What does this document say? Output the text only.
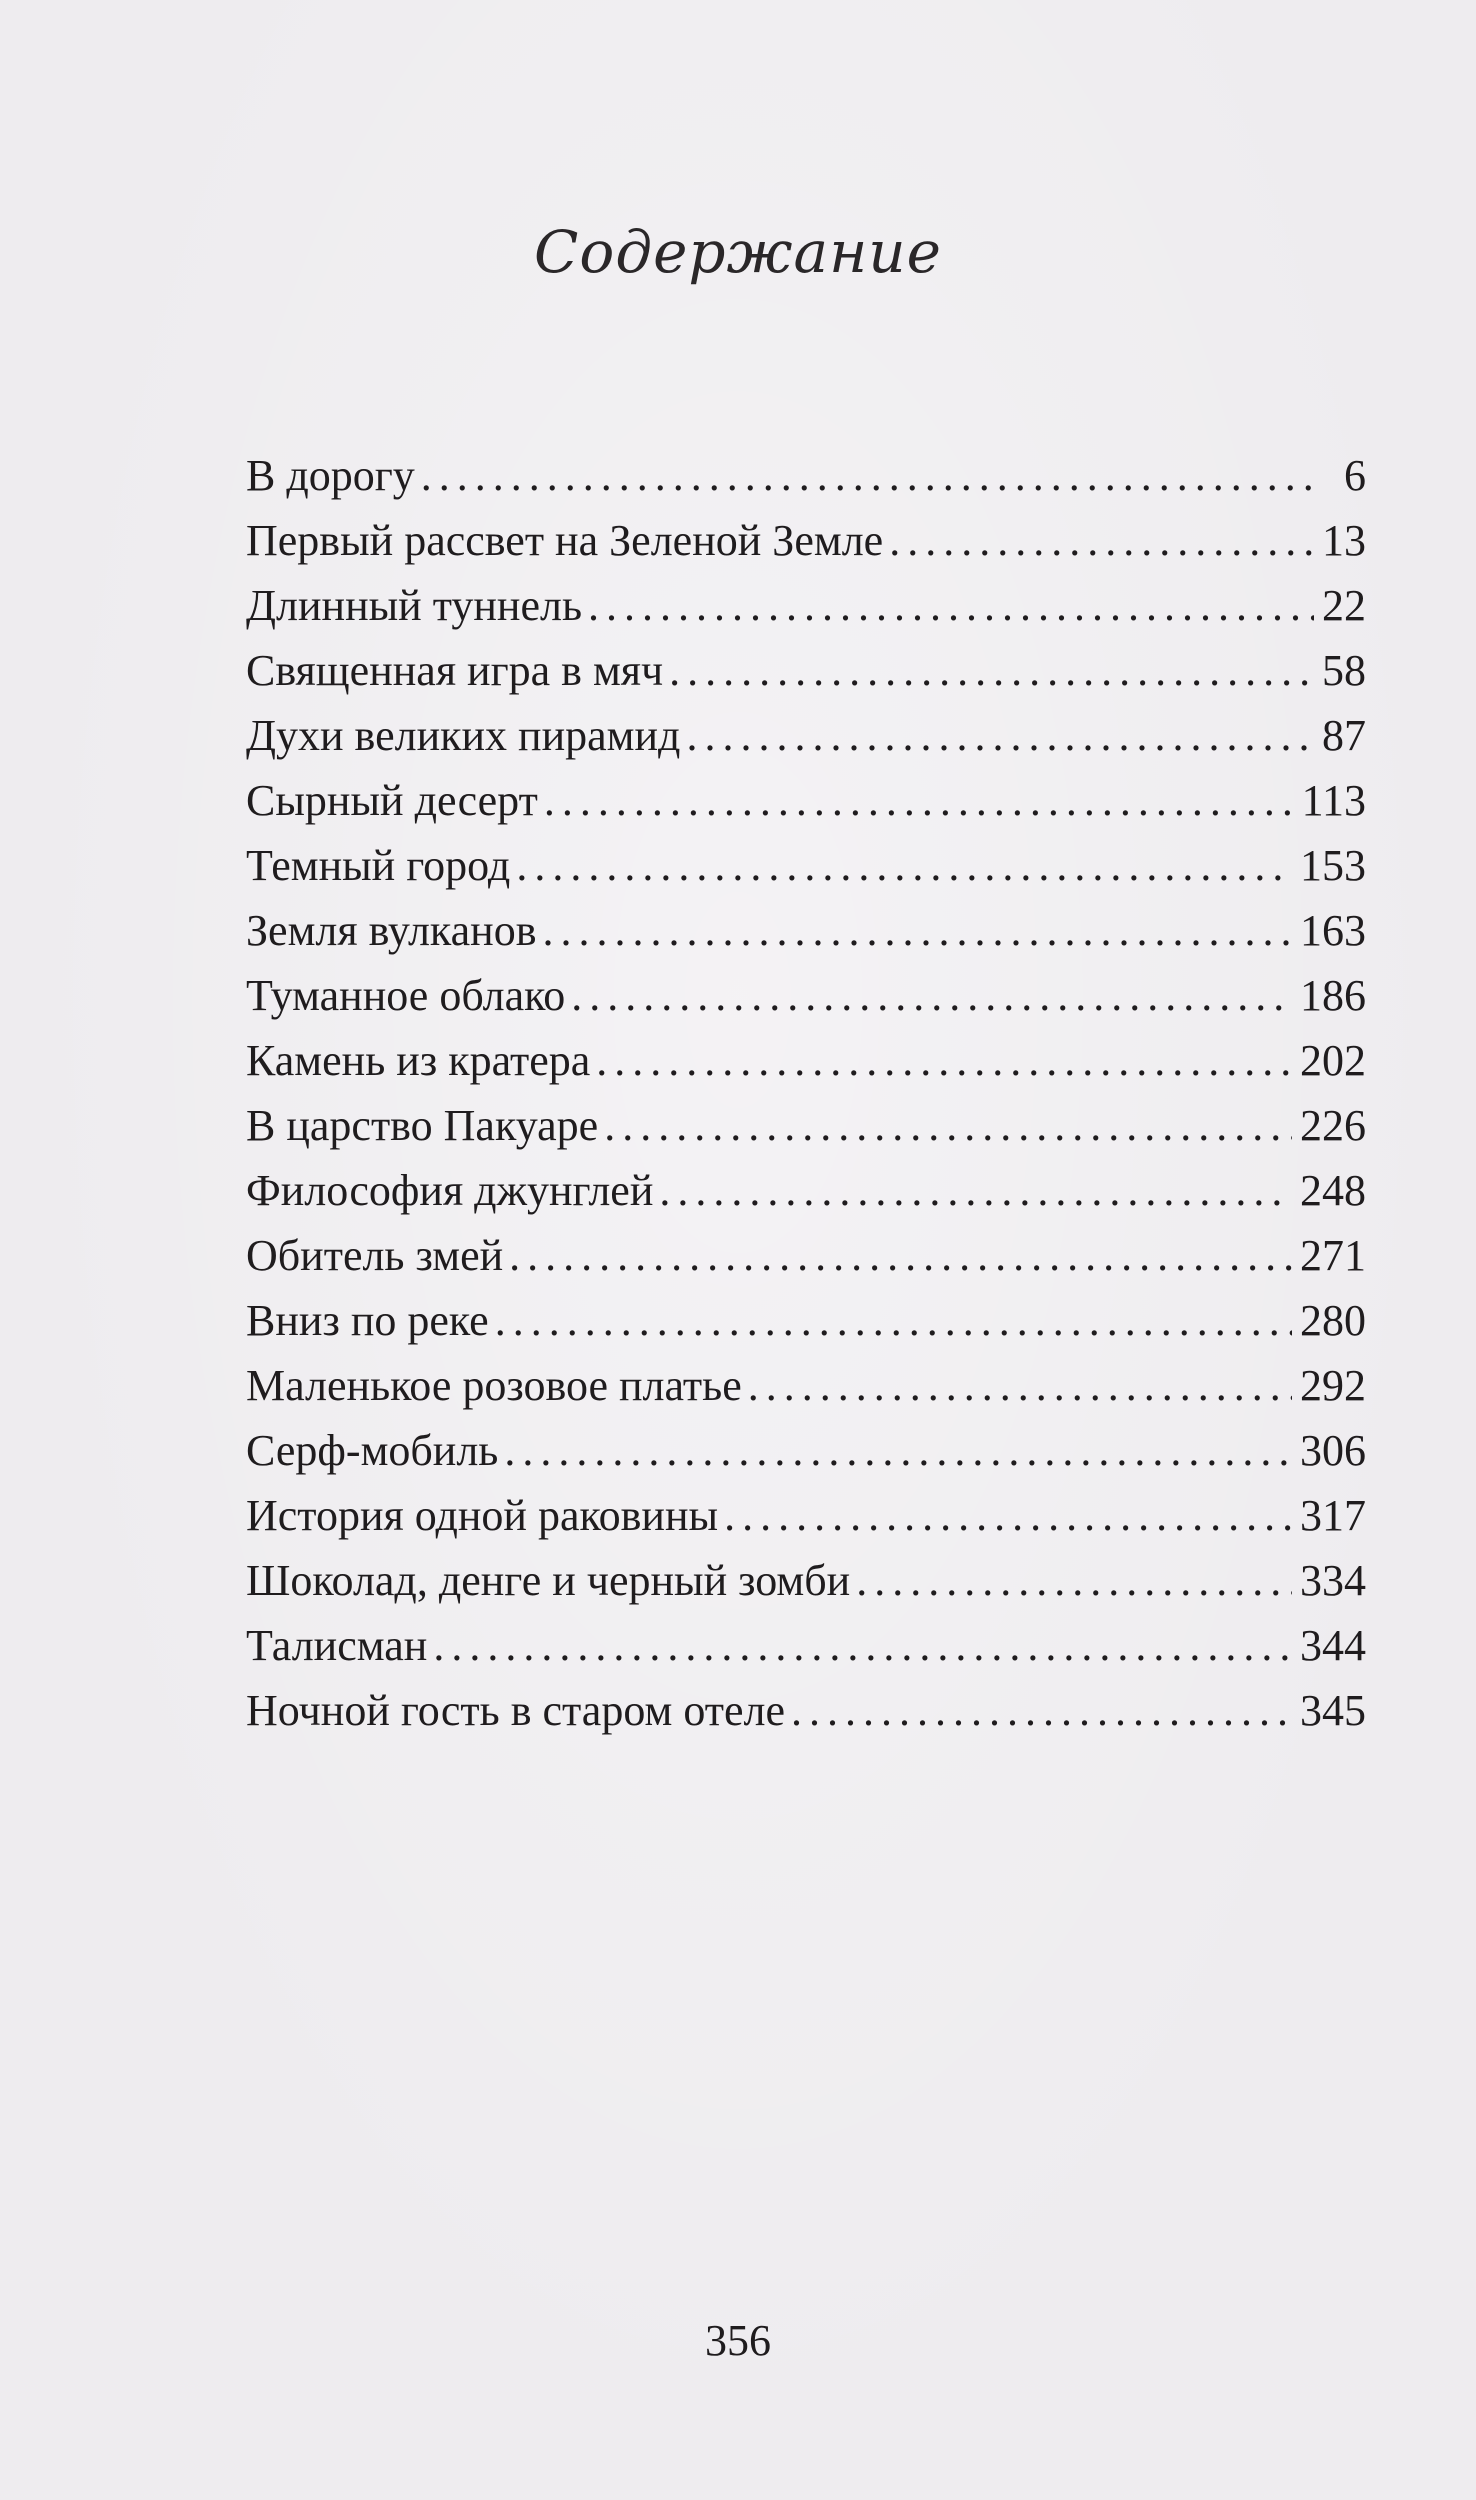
Содержание
В дорогу . . .	6
Первый рассвет на Зеленой Земле . . .	13
Длинный туннель . . .	22
Священная игра в мяч . . .	58
Духи великих пирамид . . .	87
Сырный десерт . . .	113
Темный город . . .	153
Земля вулканов . . .	163
Туманное облако . . .	186
Камень из кратера . . .	202
В царство Пакуаре . . .	226
Философия джунглей . . .	248
Обитель змей . . .	271
Вниз по реке . . .	280
Маленькое розовое платье . . .	292
Серф-мобиль . . .	306
История одной раковины . . .	317
Шоколад, денге и черный зомби . . .	334
Талисман . . .	344
Ночной гость в старом отеле . . .	345
356
